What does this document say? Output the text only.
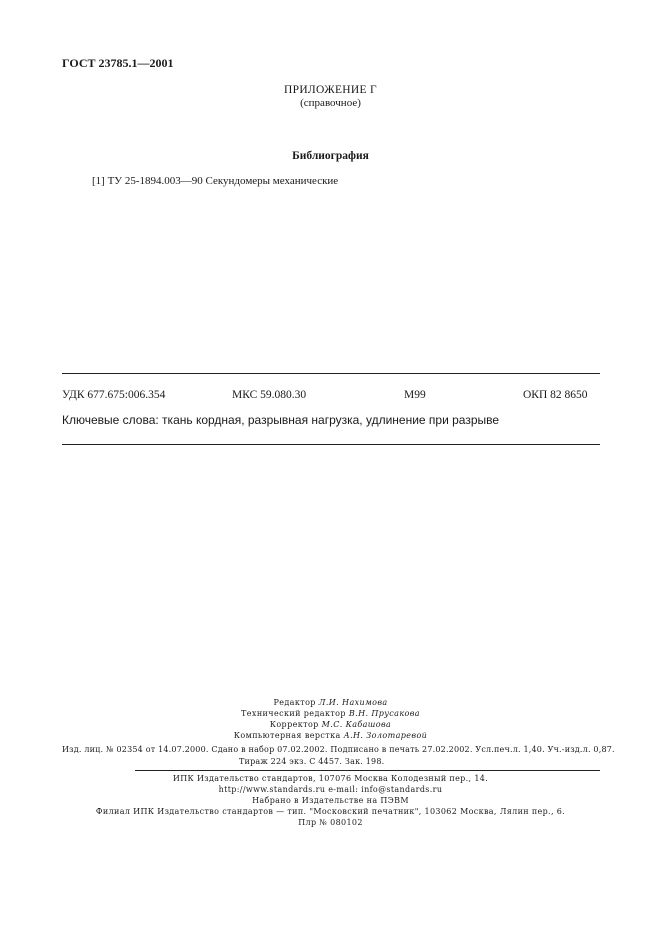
ГОСТ 23785.1—2001
ПРИЛОЖЕНИЕ Г
(справочное)
Библиография
[1] ТУ 25-1894.003—90 Секундомеры механические
УДК 677.675:006.354	МКС 59.080.30	М99	ОКП 82 8650
Ключевые слова: ткань кордная, разрывная нагрузка, удлинение при разрыве
Редактор Л.И. Нахимова
Технический редактор В.Н. Прусакова
Корректор М.С. Кабашова
Компьютерная верстка А.Н. Золотаревой
Изд. лиц. № 02354 от 14.07.2000. Сдано в набор 07.02.2002. Подписано в печать 27.02.2002. Усл.печ.л. 1,40. Уч.-изд.л. 0,87.
Тираж 224 экз. С 4457. Зак. 198.
ИПК Издательство стандартов, 107076 Москва Колодезный пер., 14.
http://www.standards.ru e-mail: info@standards.ru
Набрано в Издательстве на ПЭВМ
Филиал ИПК Издательство стандартов — тип. "Московский печатник", 103062 Москва, Лялин пер., 6.
Плр № 080102
